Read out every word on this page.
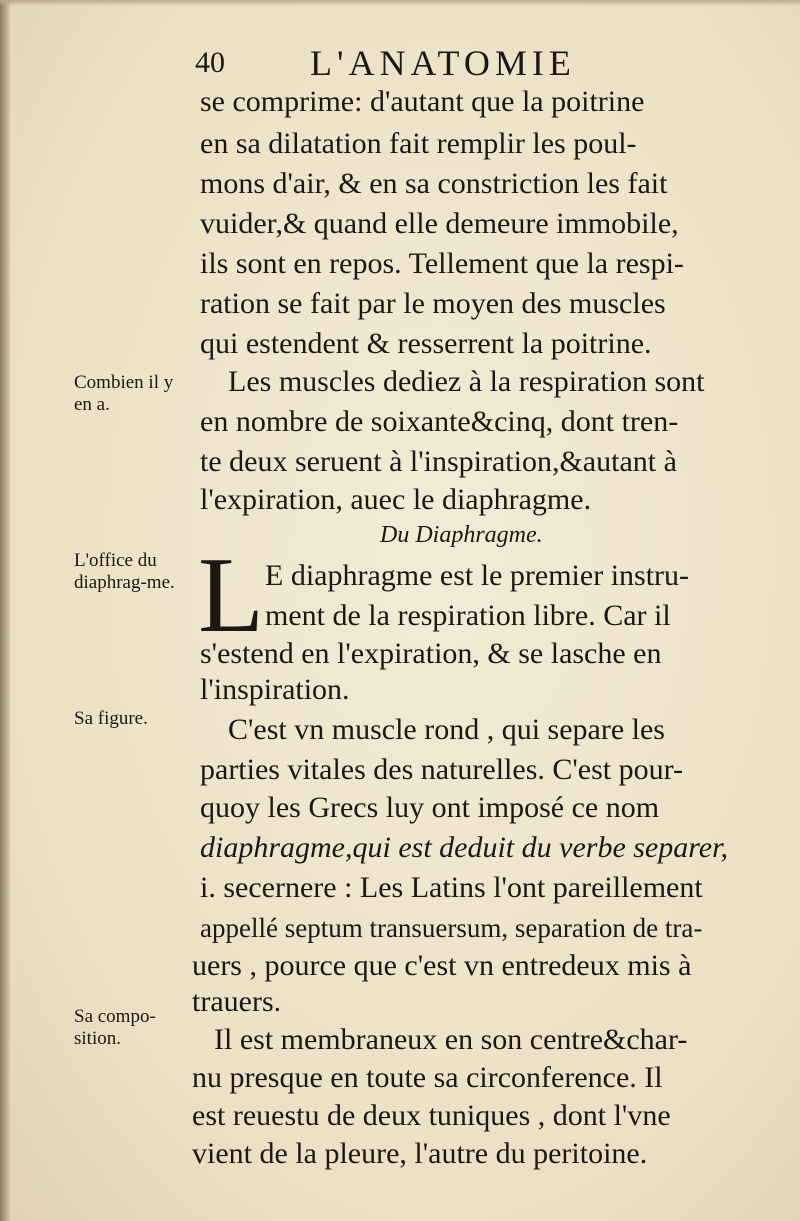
40 L'ANATOMIE
Combien il y en a.
L'office du diaphrag-me.
Sa figure.
Sa compo-sition.
se comprime: d'autant que la poitrine
en sa dilatation fait remplir les poul-
mons d'air, & en sa constriction les fait
vuider,& quand elle demeure immobile,
ils sont en repos. Tellement que la respi-
ration se fait par le moyen des muscles
qui estendent & resserrent la poitrine.
Les muscles dediez à la respiration sont
en nombre de soixante&cinq, dont tren-
te deux seruent à l'inspiration,&autant à
l'expiration, auec le diaphragme.
Du Diaphragme.
L E diaphragme est le premier instru-
ment de la respiration libre. Car il
s'estend en l'expiration, & se lasche en
l'inspiration.
C'est vn muscle rond , qui separe les
parties vitales des naturelles. C'est pour-
quoy les Grecs luy ont imposé ce nom
diaphragme,qui est deduit du verbe separer,
i. secernere : Les Latins l'ont pareillement
appellé septum transuersum, separation de tra-
uers , pource que c'est vn entredeux mis à
trauers.
Il est membraneux en son centre&char-
nu presque en toute sa circonference. Il
est reuestu de deux tuniques , dont l'vne
vient de la pleure, l'autre du peritoine.
